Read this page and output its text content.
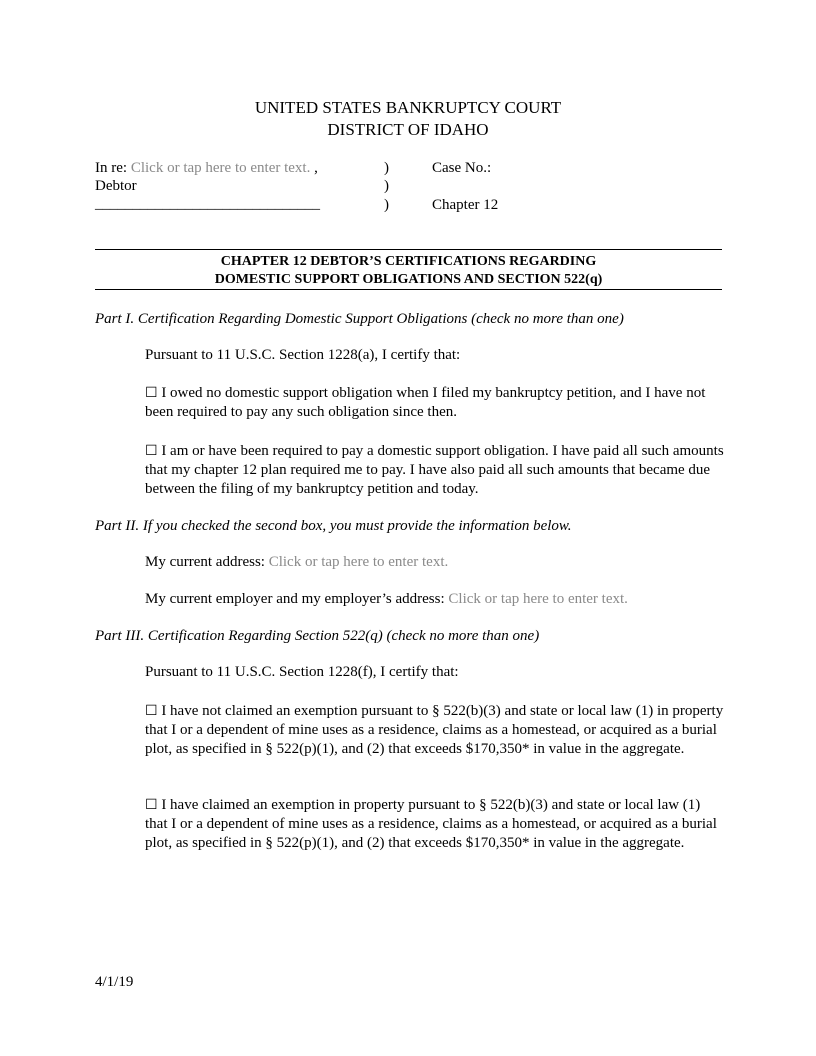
UNITED STATES BANKRUPTCY COURT
DISTRICT OF IDAHO
In re: Click or tap here to enter text. ,
Debtor
______________________________
)
)
)
Case No.:
Chapter 12
CHAPTER 12 DEBTOR’S CERTIFICATIONS REGARDING
DOMESTIC SUPPORT OBLIGATIONS AND SECTION 522(q)
Part I. Certification Regarding Domestic Support Obligations (check no more than one)
Pursuant to 11 U.S.C. Section 1228(a), I certify that:
☐ I owed no domestic support obligation when I filed my bankruptcy petition, and I have not been required to pay any such obligation since then.
☐ I am or have been required to pay a domestic support obligation. I have paid all such amounts that my chapter 12 plan required me to pay. I have also paid all such amounts that became due between the filing of my bankruptcy petition and today.
Part II. If you checked the second box, you must provide the information below.
My current address: Click or tap here to enter text.
My current employer and my employer’s address: Click or tap here to enter text.
Part III. Certification Regarding Section 522(q) (check no more than one)
Pursuant to 11 U.S.C. Section 1228(f), I certify that:
☐ I have not claimed an exemption pursuant to § 522(b)(3) and state or local law (1) in property that I or a dependent of mine uses as a residence, claims as a homestead, or acquired as a burial plot, as specified in § 522(p)(1), and (2) that exceeds $170,350* in value in the aggregate.
☐ I have claimed an exemption in property pursuant to § 522(b)(3) and state or local law (1) that I or a dependent of mine uses as a residence, claims as a homestead, or acquired as a burial plot, as specified in § 522(p)(1), and (2) that exceeds $170,350* in value in the aggregate.
4/1/19
